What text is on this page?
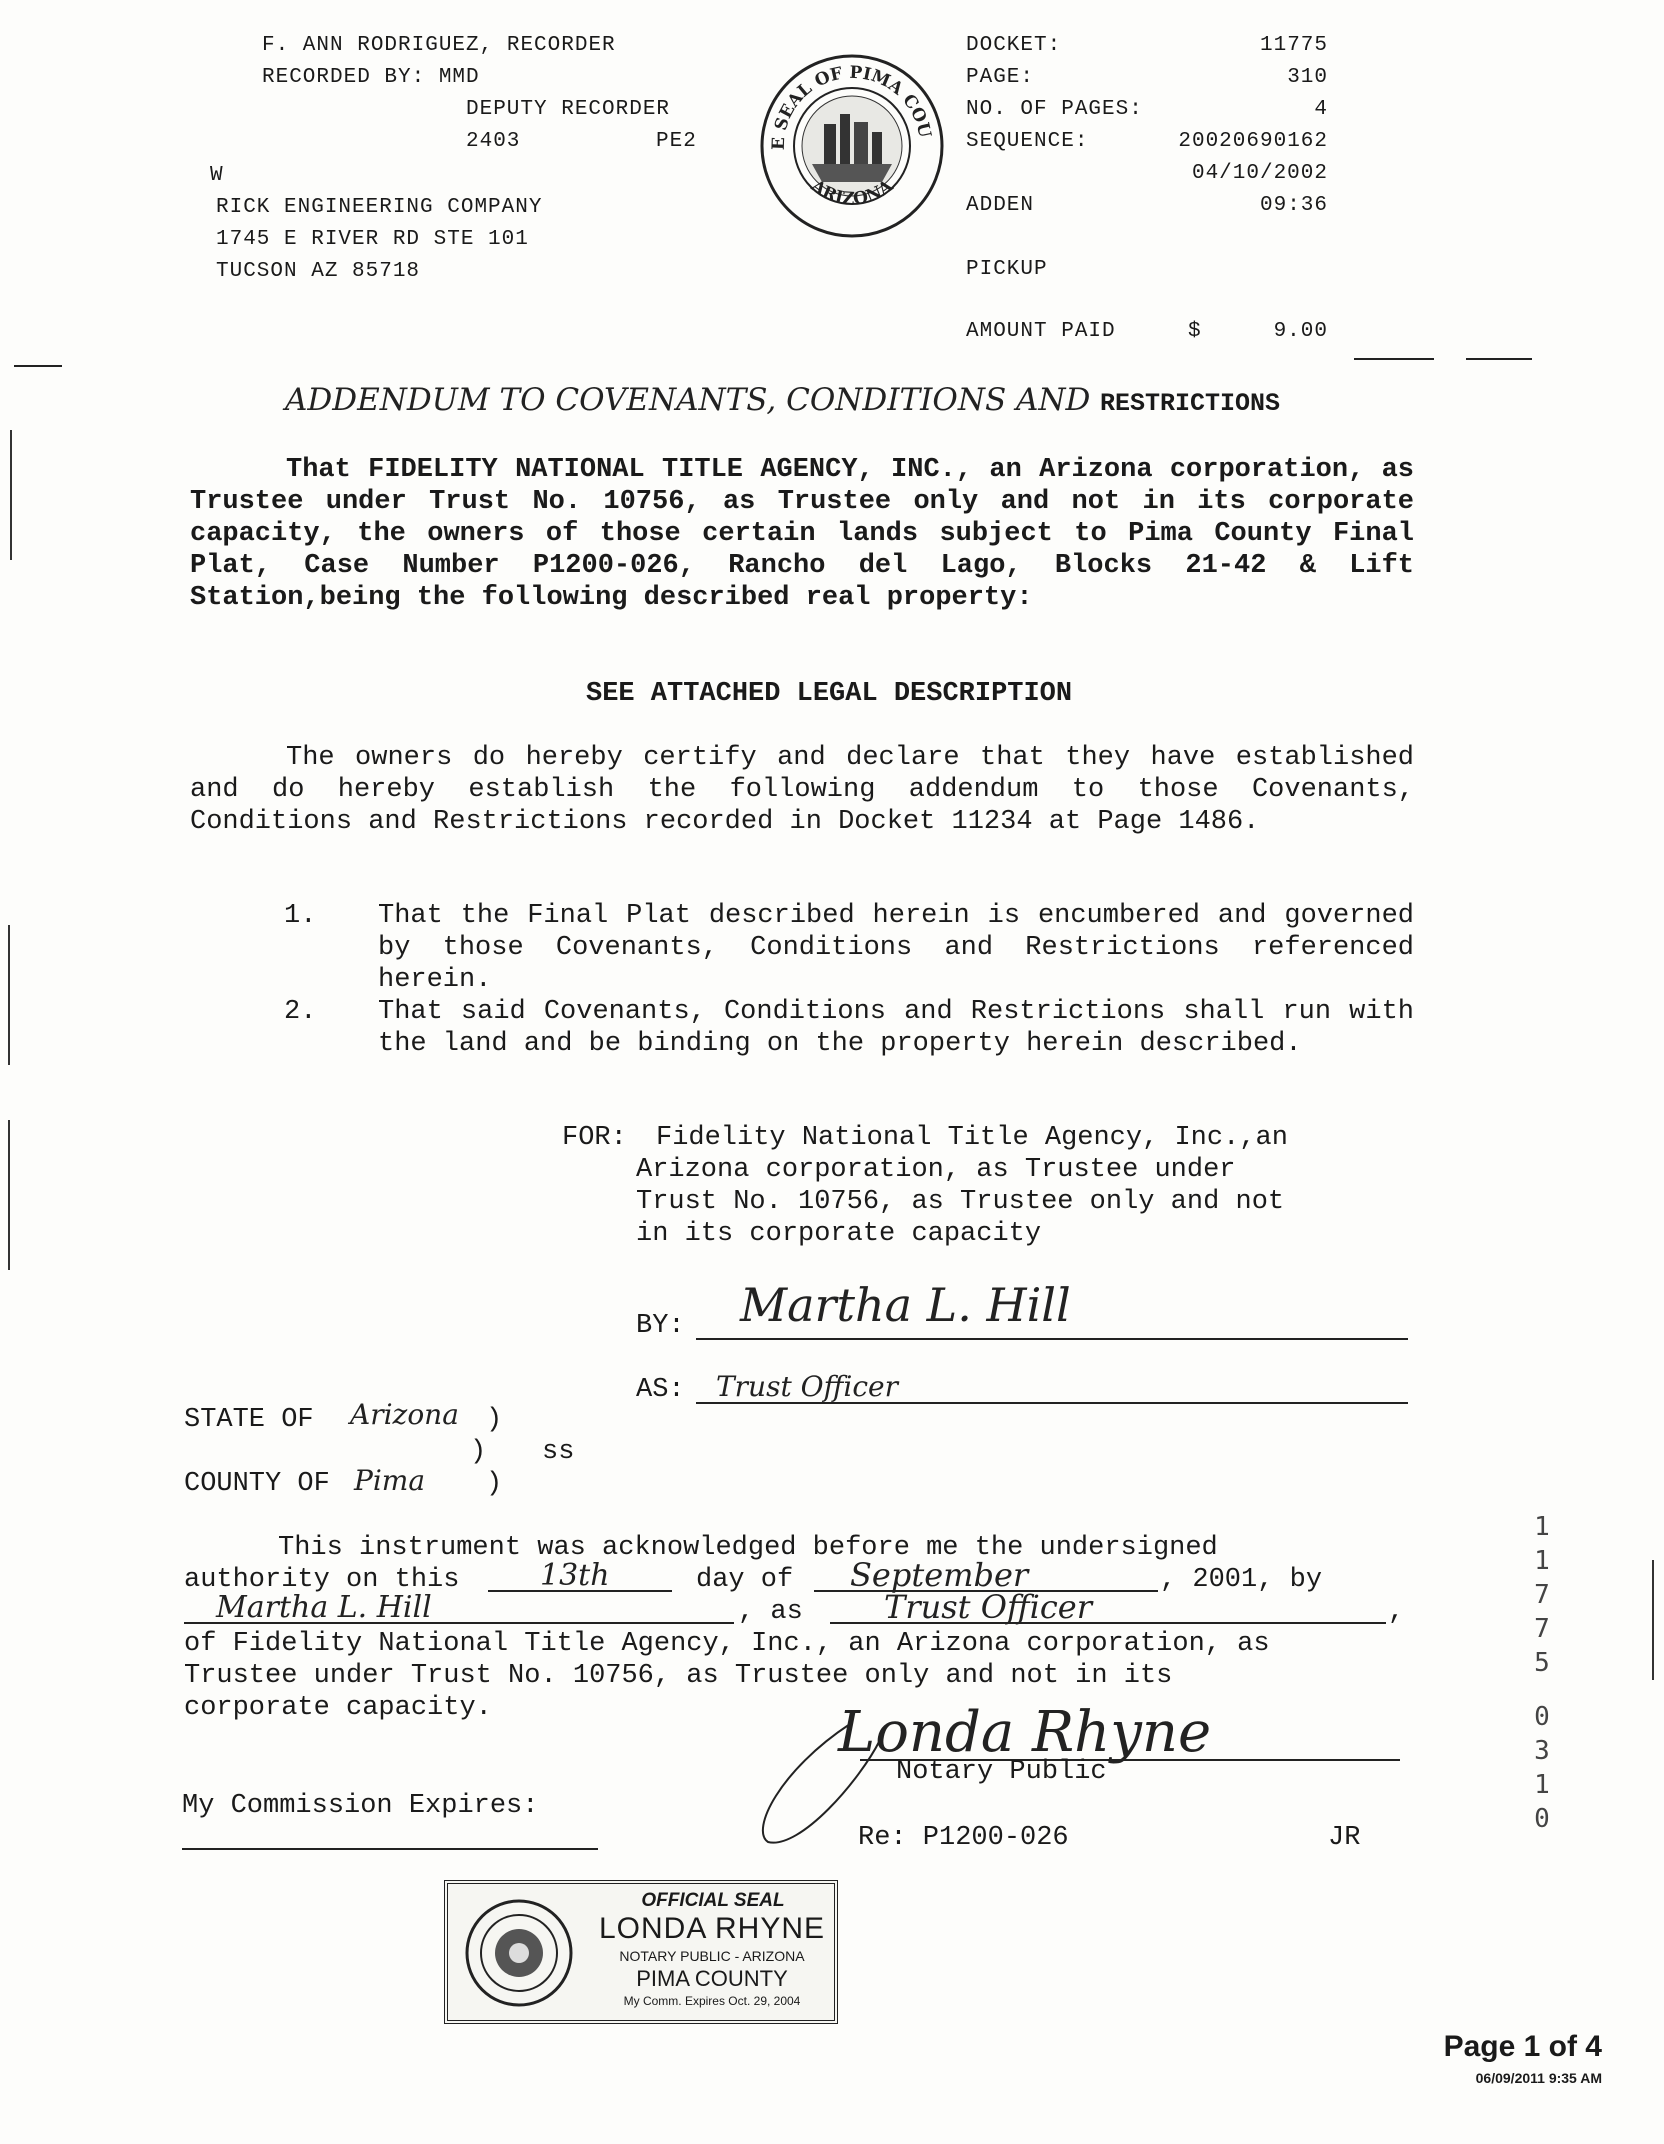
F. ANN RODRIGUEZ, RECORDER
RECORDED BY: MMD
DEPUTY RECORDER
2403	PE2
W
RICK ENGINEERING COMPANY
1745 E RIVER RD STE 101
TUCSON AZ 85718
E SEAL OF PIMA COU
ARIZONA
DOCKET:	11775
PAGE:	310
NO. OF PAGES:	4
SEQUENCE:	20020690162
04/10/2002
ADDEN	09:36
PICKUP
AMOUNT PAID	$	9.00
ADDENDUM TO COVENANTS, CONDITIONS AND RESTRICTIONS
That FIDELITY NATIONAL TITLE AGENCY, INC., an Arizona corporation, as Trustee under Trust No. 10756, as Trustee only and not in its corporate capacity, the owners of those certain lands subject to Pima County Final Plat, Case Number P1200-026, Rancho del Lago, Blocks 21-42 & Lift Station,being the following described real property:
SEE ATTACHED LEGAL DESCRIPTION
The owners do hereby certify and declare that they have established and do hereby establish the following addendum to those Covenants, Conditions and Restrictions recorded in Docket 11234 at Page 1486.
1. That the Final Plat described herein is encumbered and governed by those Covenants, Conditions and Restrictions referenced herein.
2. That said Covenants, Conditions and Restrictions shall run with the land and be binding on the property herein described.
FOR: Fidelity National Title Agency, Inc.,an
Arizona corporation, as Trustee under
Trust No. 10756, as Trustee only and not
in its corporate capacity
BY: Martha L. Hill
AS: Trust Officer
STATE OF Arizona )
) ss
COUNTY OF Pima )
This instrument was acknowledged before me the undersigned
authority on this	13th	day of September	, 2001, by
Martha L. Hill	, as	Trust Officer	,
of Fidelity National Title Agency, Inc., an Arizona corporation, as
Trustee under Trust No. 10756, as Trustee only and not in its
corporate capacity.	Londa Rhyne
Notary Public
My Commission Expires:
Re: P1200-026	JR
1
1
7
7
5
0
3
1
0
OFFICIAL SEAL
LONDA RHYNE
NOTARY PUBLIC - ARIZONA
PIMA COUNTY
My Comm. Expires Oct. 29, 2004
Page 1 of 4
06/09/2011 9:35 AM
